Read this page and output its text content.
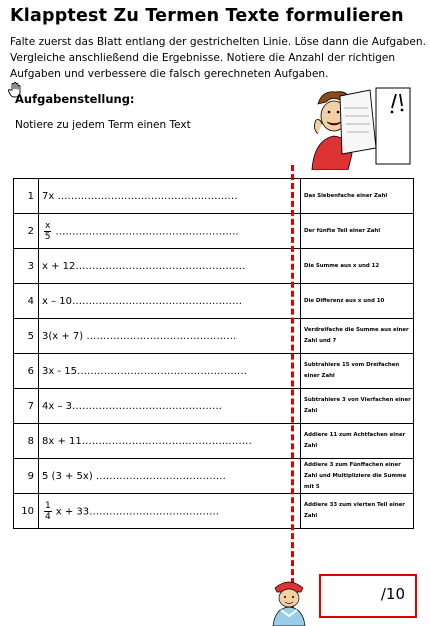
Klapptest Zu Termen Texte formulieren
Falte zuerst das Blatt entlang der gestrichelten Linie. Löse dann die Aufgaben.
Vergleiche anschließend die Ergebnisse. Notiere die Anzahl der richtigen
Aufgaben und verbessere die falsch gerechneten Aufgaben.
Aufgabenstellung:
Notiere zu jedem Term einen Text
1	7x ………………………………………………	Das Siebenfache einer Zahl
2	$\frac{x}{5}$ ……………………………………………….	Der fünfte Teil einer Zahl
3	x + 12……………………………………………	Die Summe aus x und 12
4	x – 10……………………………………………	Die Differenz aus x und 10
5	3(x + 7) ………………………………………	Verdreifache die Summe aus einer Zahl und 7
6	3x - 15……………………………………………	Subtrahiere 15 vom Dreifachen einer Zahl
7	4x – 3………………………………………	Subtrahiere 3 von Vierfachen einer Zahl
8	8x + 11……………………………………………	Addiere 11 zum Achtfachen einer Zahl
9	5 (3 + 5x) …………………………………	Addiere 3 zum Fünffachen einer Zahl und Multipliziere die Summe mit 5
10	$\frac{1}{4}$ x + 33…………………………………	Addiere 33 zum vierten Teil einer Zahl
/10
